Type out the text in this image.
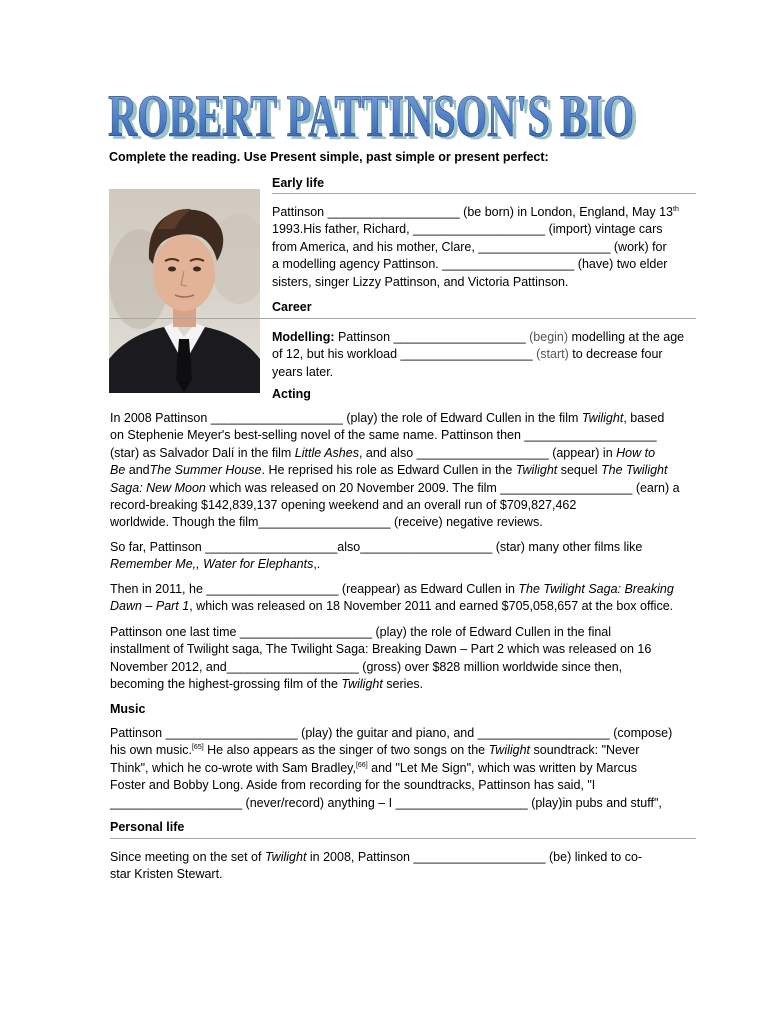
ROBERT PATTINSON'S BIO
ROBERT PATTINSON'S BIO
Complete the reading. Use Present simple, past simple or present perfect:
Early life

Pattinson ___________________ (be born) in London, England, May 13th

1993.His father, Richard, ___________________ (import) vintage cars

from America, and his mother, Clare, ___________________ (work) for

a modelling agency Pattinson. ___________________ (have) two elder

sisters, singer Lizzy Pattinson, and Victoria Pattinson.

Career

Modelling: Pattinson ___________________ (begin) modelling at the age

of 12, but his workload ___________________ (start) to decrease four

years later.

Acting

In 2008 Pattinson ___________________ (play) the role of Edward Cullen in the film Twilight, based

on Stephenie Meyer's best-selling novel of the same name. Pattinson then ___________________

(star) as Salvador Dalí in the film Little Ashes, and also ___________________ (appear) in How to

Be andThe Summer House. He reprised his role as Edward Cullen in the Twilight sequel The Twilight

Saga: New Moon which was released on 20 November 2009. The film ___________________ (earn) a

record-breaking $142,839,137 opening weekend and an overall run of $709,827,462

worldwide. Though the film___________________ (receive) negative reviews.

So far, Pattinson ___________________also___________________ (star) many other films like

Remember Me,, Water for Elephants,.

Then in 2011, he ___________________ (reappear) as Edward Cullen in The Twilight Saga: Breaking

Dawn – Part 1, which was released on 18 November 2011 and earned $705,058,657 at the box office.

Pattinson one last time ___________________ (play) the role of Edward Cullen in the final

installment of Twilight saga, The Twilight Saga: Breaking Dawn – Part 2 which was released on 16

November 2012, and___________________ (gross) over $828 million worldwide since then,

becoming the highest-grossing film of the Twilight series.

Music

Pattinson ___________________ (play) the guitar and piano, and ___________________ (compose)

his own music.[65] He also appears as the singer of two songs on the Twilight soundtrack: "Never

Think", which he co-wrote with Sam Bradley,[66] and "Let Me Sign", which was written by Marcus

Foster and Bobby Long. Aside from recording for the soundtracks, Pattinson has said, "I

___________________ (never/record) anything – I ___________________ (play)in pubs and stuff",

Personal life

Since meeting on the set of Twilight in 2008, Pattinson ___________________ (be) linked to co-

star Kristen Stewart.
